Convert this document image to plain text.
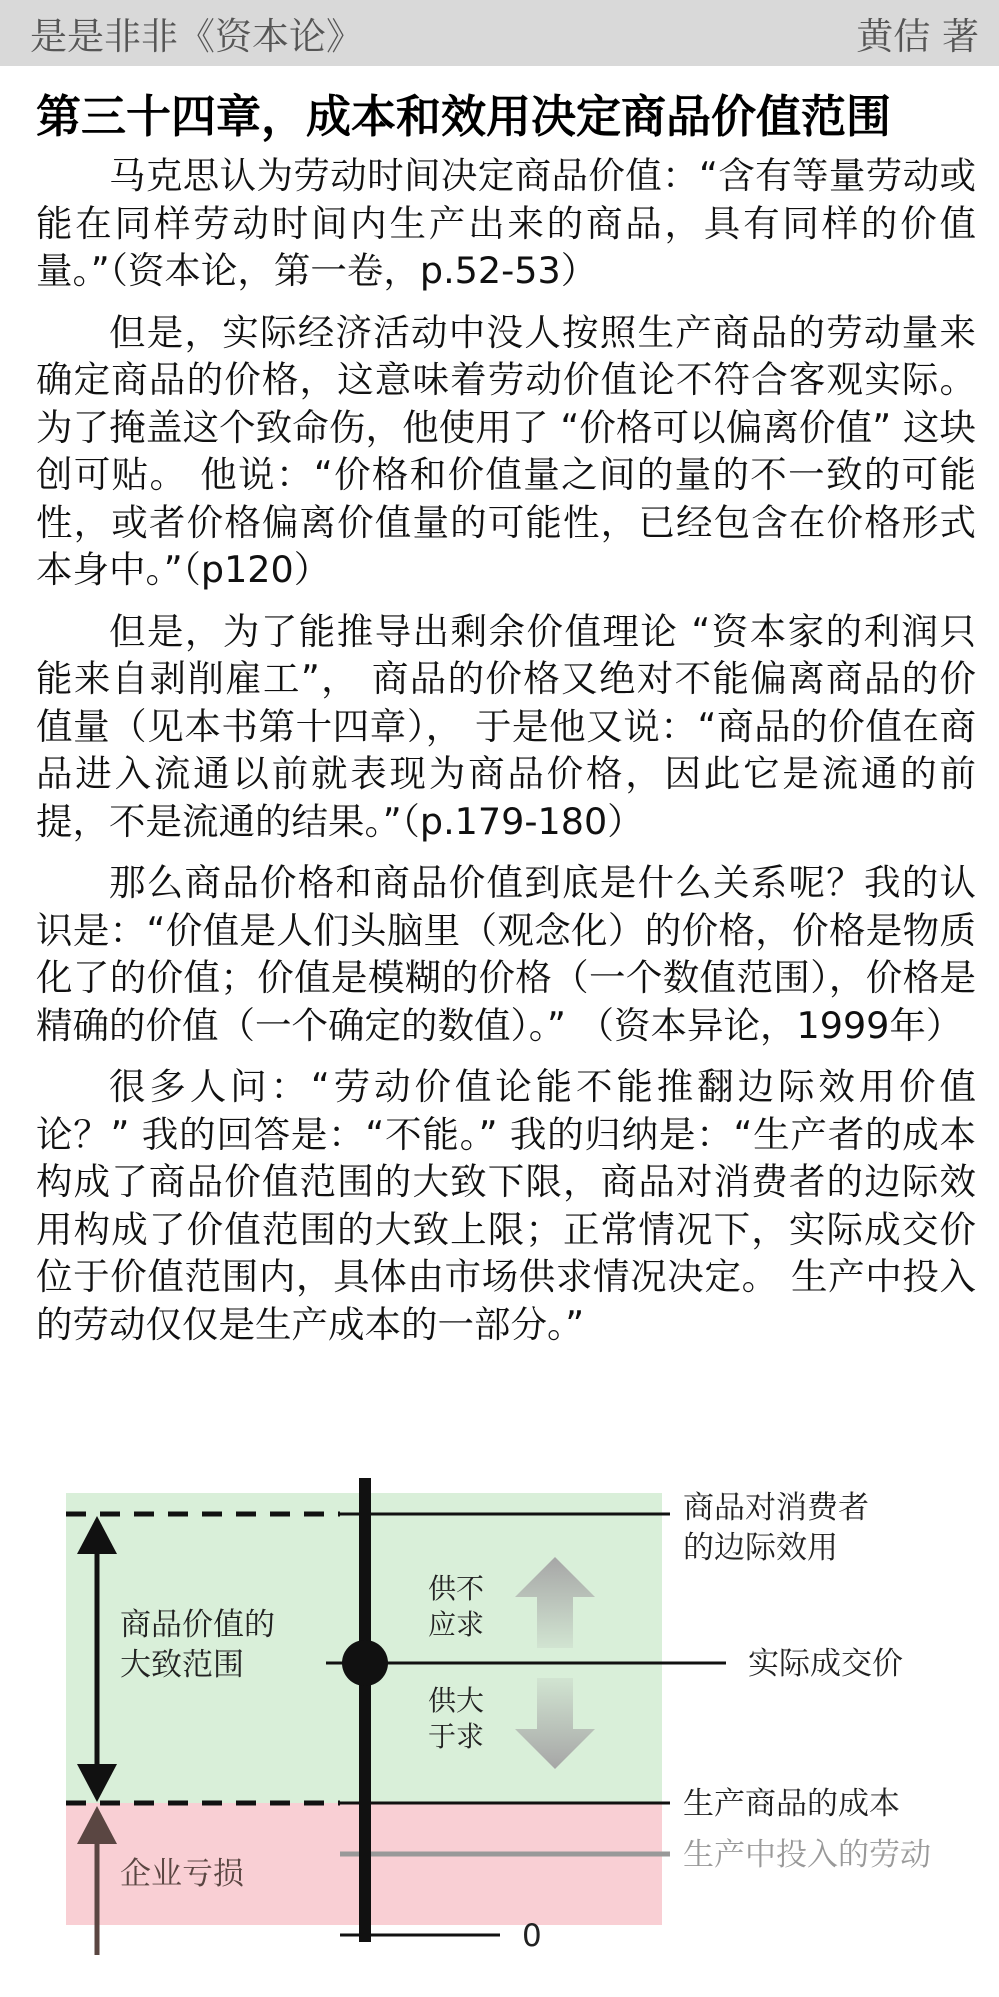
是是非非《资本论》	黄佶 著
第三十四章，成本和效用决定商品价值范围

马克思认为劳动时间决定商品价值：“含有等量劳动或能在同样劳动时间内生产出来的商品，具有同样的价值量。”（资本论，第一卷，p.52-53）

但是，实际经济活动中没人按照生产商品的劳动量来确定商品的价格，这意味着劳动价值论不符合客观实际。 为了掩盖这个致命伤，他使用了 “价格可以偏离价值” 这块创可贴。 他说：“价格和价值量之间的量的不一致的可能性，或者价格偏离价值量的可能性，已经包含在价格形式本身中。”（p120）

但是，为了能推导出剩余价值理论 “资本家的利润只能来自剥削雇工”， 商品的价格又绝对不能偏离商品的价值量（见本书第十四章）， 于是他又说：“商品的价值在商品进入流通以前就表现为商品价格，因此它是流通的前提，不是流通的结果。”（p.179-180）

那么商品价格和商品价值到底是什么关系呢？我的认识是：“价值是人们头脑里（观念化）的价格，价格是物质化了的价值；价值是模糊的价格（一个数值范围），价格是精确的价值（一个确定的数值）。” （资本异论，1999年）

很多人问：“劳动价值论能不能推翻边际效用价值论？” 我的回答是：“不能。” 我的归纳是：“生产者的成本构成了商品价值范围的大致下限，商品对消费者的边际效用构成了价值范围的大致上限；正常情况下，实际成交价位于价值范围内，具体由市场供求情况决定。 生产中投入的劳动仅仅是生产成本的一部分。”

商品价值的
大致范围
企业亏损
供不
应求
供大
于求
商品对消费者
的边际效用
实际成交价
生产商品的成本
生产中投入的劳动
0
